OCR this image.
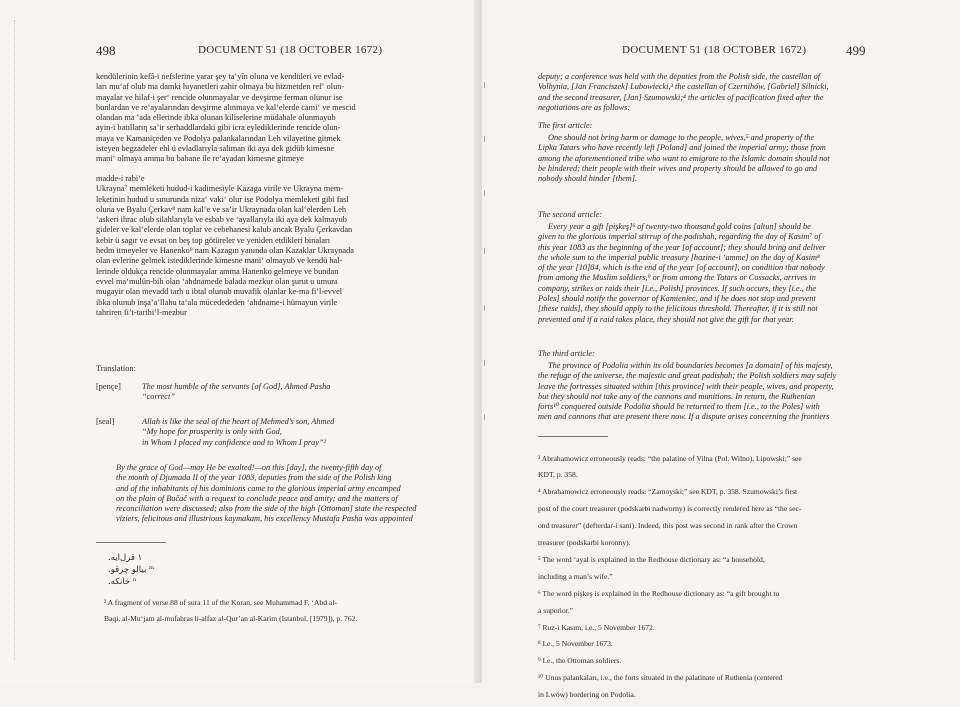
498	DOCUMENT 51 (18 OCTOBER 1672)

kendülerinin kefâ-i nefslerine yarar şey ta‘yîn oluna ve kendüleri ve evlad-

ları mu‘af olub ma damki hıyanetleri zahir olmaya bu hizmetden ref‘ olun-

mayalar ve hilaf-i şer‘ rencide olunmayalar ve devşirme ferman olunur ise

bunlardan ve re‘ayalarından devşirme alınmaya ve kal‘elerde cami‘ ve mescid

olandan ma ‘ada ellerinde ibka olunan kiliselerine müdahale olunmayub

ayin-i batıllarıη sa’ir serhaddlardaki gibi icra eylediklerinde rencide olun-

maya ve Kamaniçeden ve Podolya palankalarından Leh vilayetine gitmek

isteyen begzadeler ehl ü evladlarıyla saliman iki aya dek gidüb kimesne

mani‘ olmaya amma bu bahane ile re‘ayadan kimesne gitmeye

madde-i rabi‘e

Ukrayna⁷ memleketi hudud-i kadimesiyle Kazaga virile ve Ukrayna mem-

leketinin hudud u sınurunda niza‘ vaki‘ olur ise Podolya memleketi gibi fasl

oluna ve Byalu Çerkav⁸ nam kal‘e ve sa’ir Ukraynada olan kal‘elerden Leh

‘askeri ihrac olub silahlarıyla ve esbab ve ‘ayallarıyla iki aya dek kalmayub

gideler ve kal‘elerde olan toplar ve cebehanesi kalub ancak Byalu Çerkavdan

kebir ü sagır ve evsat on beş top götüreler ve yeniden etdikleri binaları

hedm itmeyeler ve Hanenko⁹ nam Kazagın yanında olan Kazaklar Ukraynada

olan evlerine gelmek istediklerinde kimesne mani‘ olmayub ve kendü hal-

lerinde oldukça rencide olunmayalar amma Hanenko gelmeye ve bundan

evvel ma‘mulün-bih olan ‘ahdnamede balada mezkur olan şurut u umura

mugayir olan mevadd tarh u ibtal olunub muvafik olanlar ke-ma fi’l-evvel

ibka olunub inşa’a’llahu ta‘ala mücedededen ‘ahdname-i hümayun virile

tahriren fi’t-tarihi’l-mezbur

Translation:
[pençe]	The most humble of the servants [of God], Ahmed Pasha
“correct”
[seal]	Allah is like the seal of the heart of Mehmed’s son, Ahmed
“My hope for prosperity is only with God,
in Whom I placed my confidence and to Whom I pray”²

By the grace of God—may He be exalted!—on this [day], the twenty-fifth day of

the month of Djumada II of the year 1083, deputies from the side of the Polish king

and of the inhabitants of his dominions came to the glorious imperial army encamped

on the plain of Bučač with a request to conclude peace and amity; and the matters of

reconciliation were discussed; also from the side of the high [Ottoman] state the respected

viziers, felicitous and illustrious kaymakam, his excellency Mustafa Pasha was appointed

١ قرل‌ايه.
ᵐ بيالو چرقو.
ⁿ خانكه.

² A fragment of verse 88 of sura 11 of the Koran, see Muhammad F. ‘Abd al-

Baqi, al-Mu‘jam al-mufahras li-alfaz al-Qur’an al-Karim (Istanbul, [1979]), p. 762.

DOCUMENT 51 (18 OCTOBER 1672)	499

deputy; a conference was held with the deputies from the Polish side, the castellan of

Volhynia, [Jan Franciszek] Lubowiecki,³ the castellan of Czernihów, [Gabriel] Silnicki,

and the second treasurer, [Jan] Szumowski;⁴ the articles of pacification fixed after the

negotiations are as follows:

The first article:

One should not bring harm or damage to the people, wives,⁵ and property of the

Lipka Tatars who have recently left [Poland] and joined the imperial army; those from

among the aforementioned tribe who want to emigrate to the Islamic domain should not

be hindered; their people with their wives and property should be allowed to go and

nobody should hinder [them].

The second article:

Every year a gift [pişkeş]⁶ of twenty-two thousand gold coins [altun] should be

given to the glorious imperial stirrup of the padishah, regarding the day of Kasim⁷ of

this year 1083 as the beginning of the year [of account]; they should bring and deliver

the whole sum to the imperial public treasury [hazine-i ‘amme] on the day of Kasim⁸

of the year [10]84, which is the end of the year [of account], on condition that nobody

from among the Muslim soldiers,⁹ or from among the Tatars or Cossacks, arrives in

company, strikes or raids their [i.e., Polish] provinces. If such occurs, they [i.e., the

Poles] should notify the governor of Kamieniec, and if he does not stop and prevent

[these raids], they should apply to the felicitous threshold. Thereafter, if it is still not

prevented and if a raid takes place, they should not give the gift for that year.

The third article:

The province of Podolia within its old boundaries becomes [a domain] of his majesty,

the refuge of the universe, the majestic and great padishah; the Polish soldiers may safely

leave the fortresses situated within [this province] with their people, wives, and property,

but they should not take any of the cannons and munitions. In return, the Ruthenian

forts¹⁰ conquered outside Podolia should be returned to them [i.e., to the Poles] with

men and cannons that are present there now. If a dispute arises concerning the frontiers

³ Abrahamowicz erroneously reads: “the palatine of Vilna (Pol. Wilno), Lipowski;” see

KDT, p. 358.

⁴ Abrahamowicz erroneously reads: “Zamoyski;” see KDT, p. 358. Szumowski’s first

post of the court treasurer (podskarbi nadworny) is correctly rendered here as “the sec-

ond treasurer” (defterdar-i sani). Indeed, this post was second in rank after the Crown

treasurer (podskarbi koronny).

⁵ The word ‘ayal is explained in the Redhouse dictionary as: “a household,

including a man’s wife.”

⁶ The word pişkeş is explained in the Redhouse dictionary as: “a gift brought to

a superior.”

⁷ Ruz-i Kasım, i.e., 5 November 1672.

⁸ I.e., 5 November 1673.

⁹ I.e., the Ottoman soldiers.

¹⁰ Unus palankaları, i.e., the forts situated in the palatinate of Ruthenia (centered

in Lwów) bordering on Podolia.
